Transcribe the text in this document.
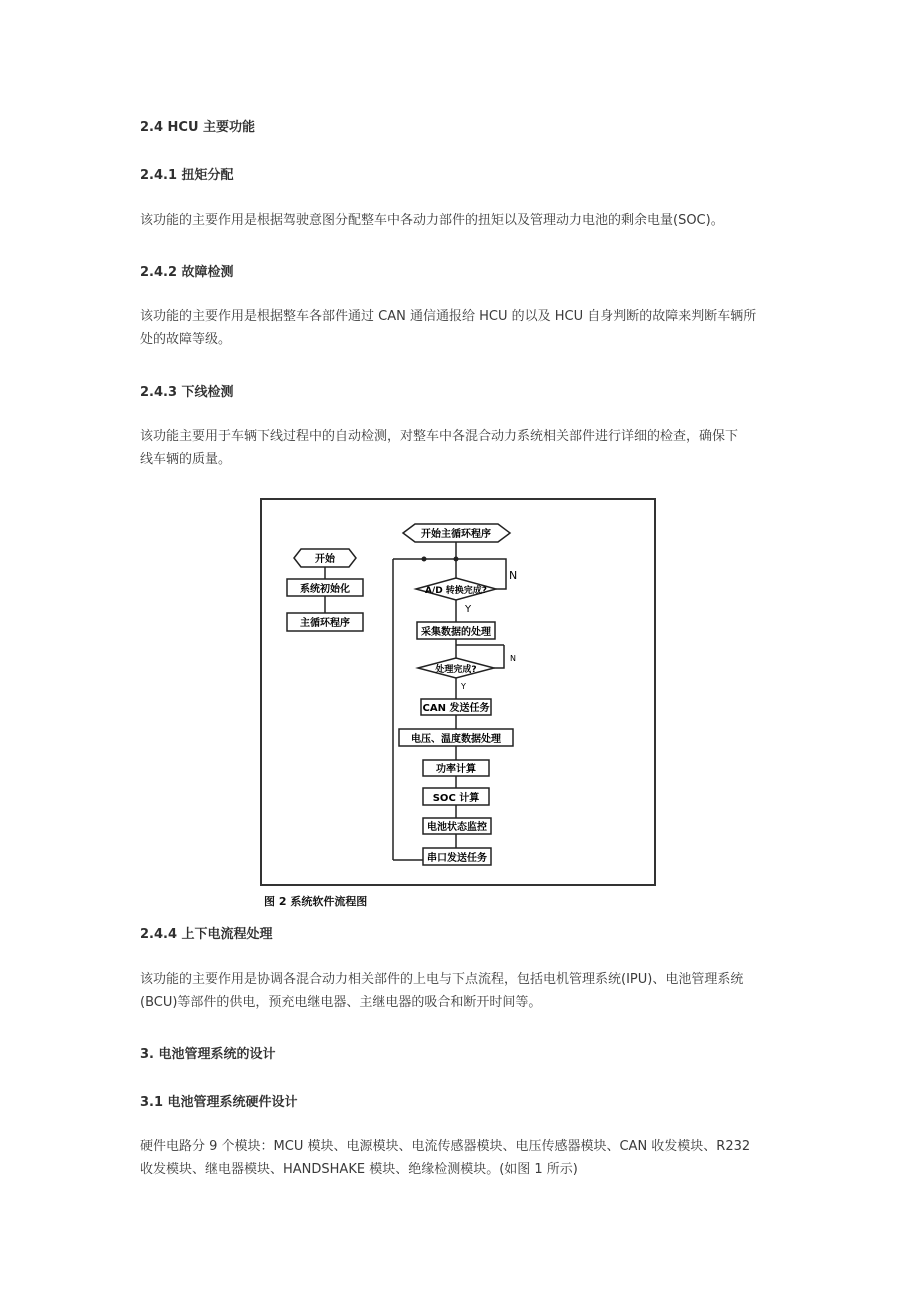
2.4 HCU 主要功能
2.4.1 扭矩分配
该功能的主要作用是根据驾驶意图分配整车中各动力部件的扭矩以及管理动力电池的剩余电量(SOC)。
2.4.2 故障检测
该功能的主要作用是根据整车各部件通过 CAN 通信通报给 HCU 的以及 HCU 自身判断的故障来判断车辆所
处的故障等级。
2.4.3 下线检测
该功能主要用于车辆下线过程中的自动检测，对整车中各混合动力系统相关部件进行详细的检查，确保下
线车辆的质量。
开始
系统初始化
主循环程序
开始主循环程序
A/D 转换完成?
N
Y
采集数据的处理
处理完成?
N
Y
CAN 发送任务
电压、温度数据处理
功率计算
SOC 计算
电池状态监控
串口发送任务
图 2 系统软件流程图
2.4.4 上下电流程处理
该功能的主要作用是协调各混合动力相关部件的上电与下点流程，包括电机管理系统(IPU)、电池管理系统
(BCU)等部件的供电，预充电继电器、主继电器的吸合和断开时间等。
3. 电池管理系统的设计
3.1 电池管理系统硬件设计
硬件电路分 9 个模块：MCU 模块、电源模块、电流传感器模块、电压传感器模块、CAN 收发模块、R232
收发模块、继电器模块、HANDSHAKE 模块、绝缘检测模块。(如图 1 所示)
